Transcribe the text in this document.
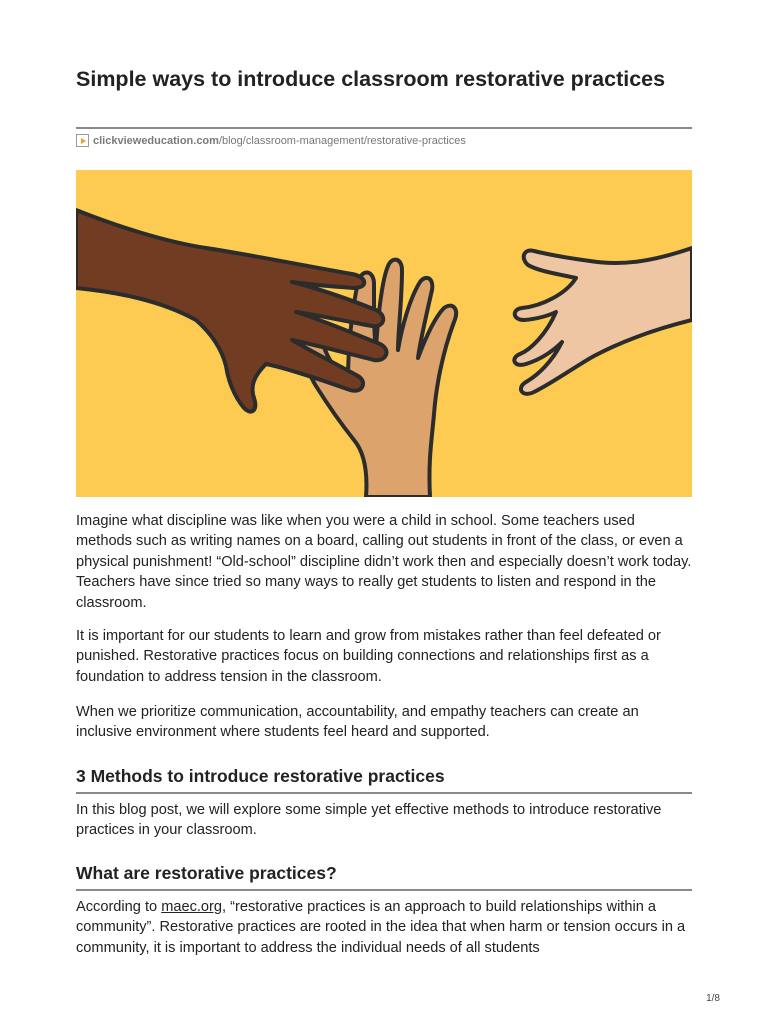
Simple ways to introduce classroom restorative practices
clickvieweducation.com/blog/classroom-management/restorative-practices

Imagine what discipline was like when you were a child in school. Some teachers used methods such as writing names on a board, calling out students in front of the class, or even a physical punishment! “Old-school” discipline didn’t work then and especially doesn’t work today. Teachers have since tried so many ways to really get students to listen and respond in the classroom.

It is important for our students to learn and grow from mistakes rather than feel defeated or punished. Restorative practices focus on building connections and relationships first as a foundation to address tension in the classroom.

When we prioritize communication, accountability, and empathy teachers can create an inclusive environment where students feel heard and supported.

3 Methods to introduce restorative practices

In this blog post, we will explore some simple yet effective methods to introduce restorative practices in your classroom.

What are restorative practices?

According to maec.org, “restorative practices is an approach to build relationships within a community”. Restorative practices are rooted in the idea that when harm or tension occurs in a community, it is important to address the individual needs of all students

1/8
